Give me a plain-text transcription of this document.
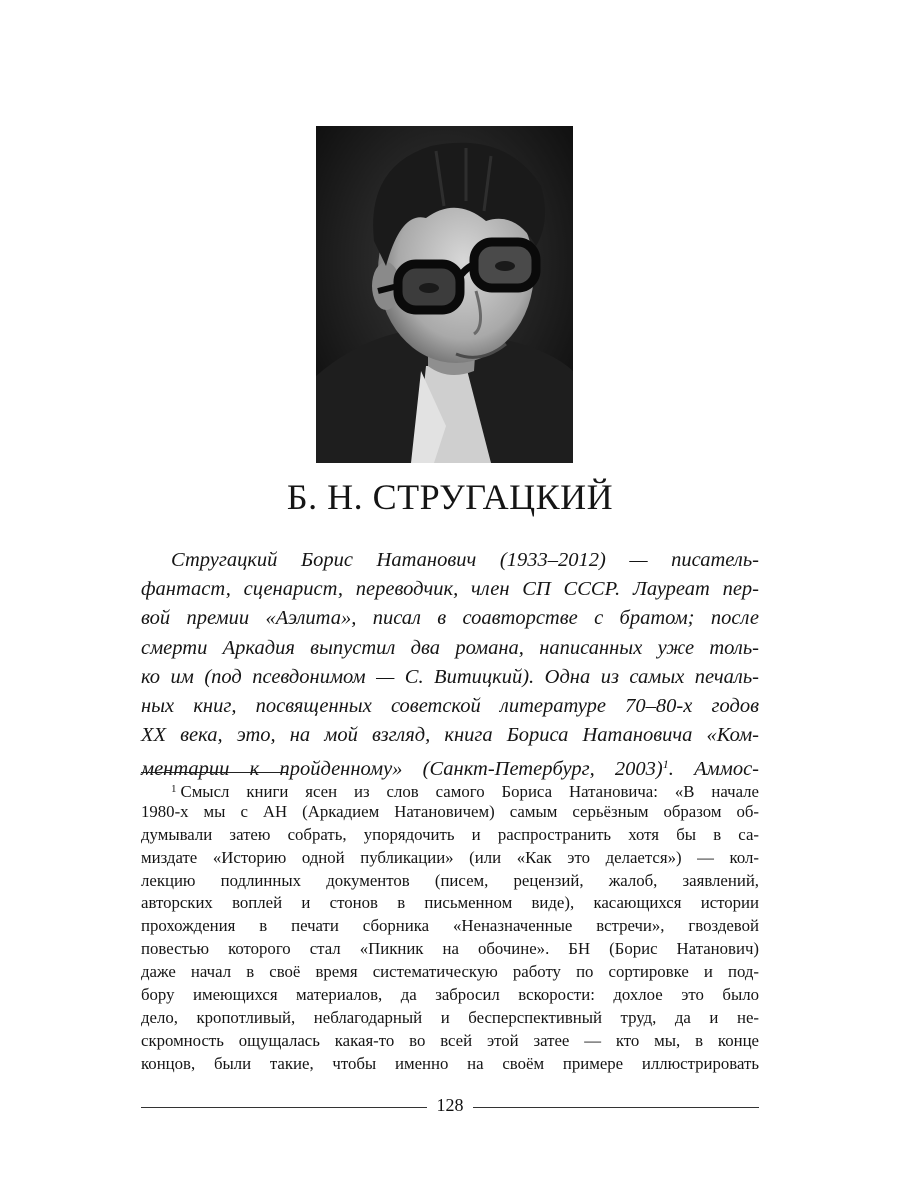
Б. Н. СТРУГАЦКИЙ
Стругацкий Борис Натанович (1933–2012) — писатель-
фантаст, сценарист, переводчик, член СП СССР. Лауреат пер-
вой премии «Аэлита», писал в соавторстве с братом; после
смерти Аркадия выпустил два романа, написанных уже толь-
ко им (под псевдонимом — С. Витицкий). Одна из самых печаль-
ных книг, посвященных советской литературе 70–80-х годов
XX века, это, на мой взгляд, книга Бориса Натановича «Ком-
ментарии к пройденному» (Санкт-Петербург, 2003)$^1$. Аммос-
$^1$ Смысл книги ясен из слов самого Бориса Натановича: «В начале
1980-х мы с АН (Аркадием Натановичем) самым серьёзным образом об-
думывали затею собрать, упорядочить и распространить хотя бы в са-
миздате «Историю одной публикации» (или «Как это делается») — кол-
лекцию подлинных документов (писем, рецензий, жалоб, заявлений,
авторских воплей и стонов в письменном виде), касающихся истории
прохождения в печати сборника «Неназначенные встречи», гвоздевой
повестью которого стал «Пикник на обочине». БН (Борис Натанович)
даже начал в своё время систематическую работу по сортировке и под-
бору имеющихся материалов, да забросил вскорости: дохлое это было
дело, кропотливый, неблагодарный и бесперспективный труд, да и не-
скромность ощущалась какая-то во всей этой затее — кто мы, в конце
концов, были такие, чтобы именно на своём примере иллюстрировать
128
